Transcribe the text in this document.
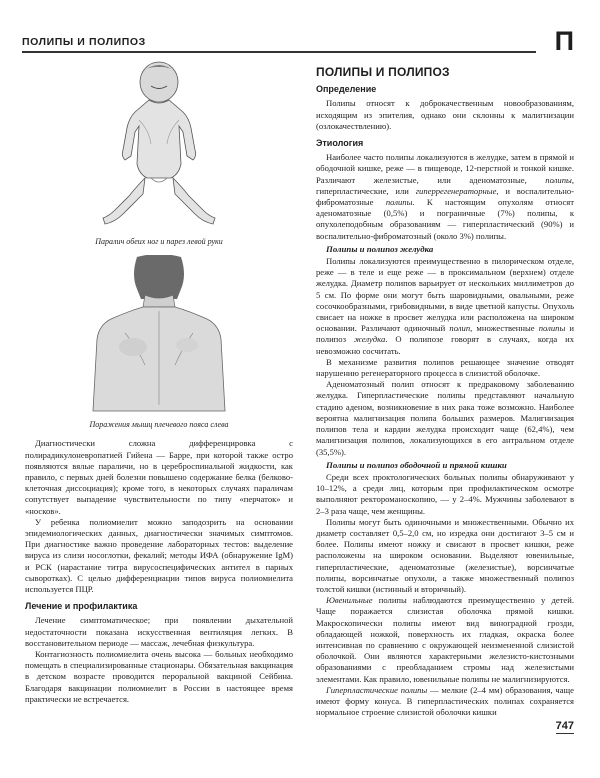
ПОЛИПЫ И ПОЛИПОЗ	П
Паралич обеих ног и парез левой руки
Поражения мышц плечевого пояса слева

Диагностически сложна дифференцировка с полирадикулоневропатией Гийена — Барре, при которой также остро появляются вялые параличи, но в цереброспинальной жидкости, как правило, с первых дней болезни повышено содержание белка (белково-клеточная диссоциация); кроме того, в некоторых случаях параличам сопутствует выпадение чувствительности по типу «перчаток» и «носков».

У ребенка полиомиелит можно заподозрить на основании эпидемиологических данных, диагностически значимых симптомов. При диагностике важно проведение лабораторных тестов: выделение вируса из слизи носоглотки, фекалий; методы ИФА (обнаружение IgM) и РСК (нарастание титра вирусоспецифических антител в парных сыворотках). С целью дифференциации типов вируса полиомиелита используется ПЦР.

Лечение и профилактика

Лечение симптоматическое; при появлении дыхательной недостаточности показана искусственная вентиляция легких. В восстановительном периоде — массаж, лечебная физкультура.

Контагиозность полиомиелита очень высока — больных необходимо помещать в специализированные стационары. Обязательная вакцинация в детском возрасте проводится пероральной вакциной Сейбина. Благодаря вакцинации полиомиелит в России в настоящее время практически не встречается.

ПОЛИПЫ И ПОЛИПОЗ
Определение

Полипы относят к доброкачественным новообразованиям, исходящим из эпителия, однако они склонны к малигнизации (озлокачествлению).

Этиология

Наиболее часто полипы локализуются в желудке, затем в прямой и ободочной кишке, реже — в пищеводе, 12-перстной и тонкой кишке. Различают железистые, или аденоматозные, полипы, гиперпластические, или гиперрегенераторные, и воспалительно-фиброматозные полипы. К настоящим опухолям относят аденоматозные (0,5%) и пограничные (7%) полипы, к опухолеподобным образованиям — гиперпластический (90%) и воспалительно-фиброматозный (около 3%) полипы.

Полипы и полипоз желудка

Полипы локализуются преимущественно в пилорическом отделе, реже — в теле и еще реже — в проксимальном (верхнем) отделе желудка. Диаметр полипов варьирует от нескольких миллиметров до 5 см. По форме они могут быть шаровидными, овальными, реже сосочкообразными, грибовидными, в виде цветной капусты. Опухоль свисает на ножке в просвет желудка или расположена на широком основании. Различают одиночный полип, множественные полипы и полипоз желудка. О полипозе говорят в случаях, когда их невозможно сосчитать.

В механизме развития полипов решающее значение отводят нарушению регенераторного процесса в слизистой оболочке.

Аденоматозный полип относят к предраковому заболеванию желудка. Гиперпластические полипы представляют начальную стадию аденом, возникновение в них рака тоже возможно. Наиболее вероятна малигнизация полипа больших размеров. Малигнизация полипов тела и кардии желудка происходит чаще (62,4%), чем малигнизация полипов, локализующихся в его антральном отделе (35,5%).

Полипы и полипоз ободочной и прямой кишки

Среди всех проктологических больных полипы обнаруживают у 10–12%, а среди лиц, которым при профилактическом осмотре выполняют ректороманоскопию, — у 2–4%. Мужчины заболевают в 2–3 раза чаще, чем женщины.

Полипы могут быть одиночными и множественными. Обычно их диаметр составляет 0,5–2,0 см, но изредка они достигают 3–5 см и более. Полипы имеют ножку и свисают в просвет кишки, реже расположены на широком основании. Выделяют ювенильные, гиперпластические, аденоматозные (железистые), ворсинчатые полипы, ворсинчатые опухоли, а также множественный полипоз толстой кишки (истинный и вторичный).

Ювенильные полипы наблюдаются преимущественно у детей. Чаще поражается слизистая оболочка прямой кишки. Макроскопически полипы имеют вид виноградной грозди, обладающей ножкой, поверхность их гладкая, окраска более интенсивная по сравнению с окружающей неизмененной слизистой оболочкой. Они являются характерными железисто-кистозными образованиями с преобладанием стромы над железистыми элементами. Как правило, ювенильные полипы не малигнизируются.

Гиперпластические полипы — мелкие (2–4 мм) образования, чаще имеют форму конуса. В гиперпластических полипах сохраняется нормальное строение слизистой оболочки кишки

747
